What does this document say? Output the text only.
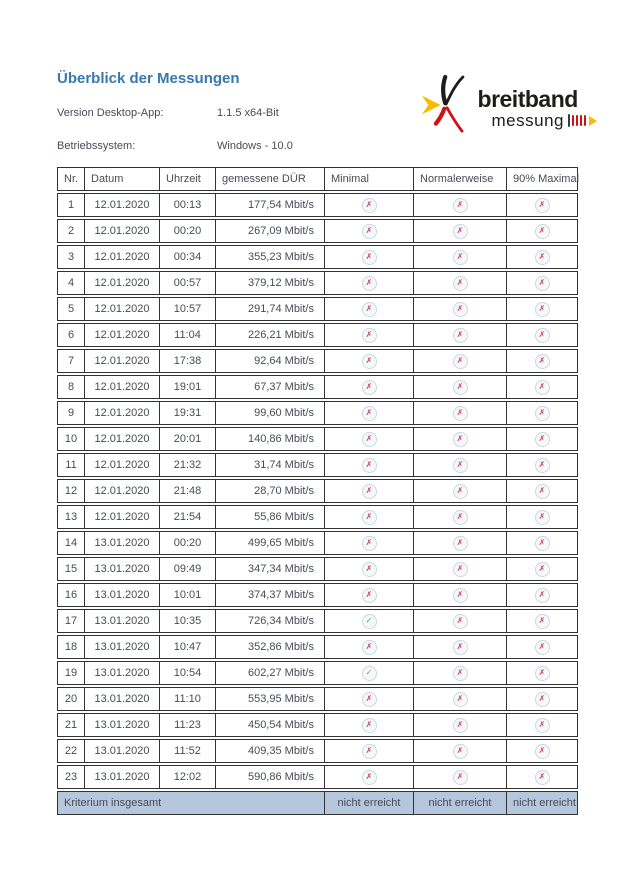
breitband
messung
Überblick der Messungen
Version Desktop-App:	1.1.5 x64-Bit
Betriebssystem:	Windows - 10.0
Nr.	Datum	Uhrzeit	gemessene DÜR	Minimal	Normalerweise	90% Maximal
1	12.01.2020	00:13	177,54 Mbit/s	✗	✗	✗
2	12.01.2020	00:20	267,09 Mbit/s	✗	✗	✗
3	12.01.2020	00:34	355,23 Mbit/s	✗	✗	✗
4	12.01.2020	00:57	379,12 Mbit/s	✗	✗	✗
5	12.01.2020	10:57	291,74 Mbit/s	✗	✗	✗
6	12.01.2020	11:04	226,21 Mbit/s	✗	✗	✗
7	12.01.2020	17:38	92,64 Mbit/s	✗	✗	✗
8	12.01.2020	19:01	67,37 Mbit/s	✗	✗	✗
9	12.01.2020	19:31	99,60 Mbit/s	✗	✗	✗
10	12.01.2020	20:01	140,86 Mbit/s	✗	✗	✗
11	12.01.2020	21:32	31,74 Mbit/s	✗	✗	✗
12	12.01.2020	21:48	28,70 Mbit/s	✗	✗	✗
13	12.01.2020	21:54	55,86 Mbit/s	✗	✗	✗
14	13.01.2020	00:20	499,65 Mbit/s	✗	✗	✗
15	13.01.2020	09:49	347,34 Mbit/s	✗	✗	✗
16	13.01.2020	10:01	374,37 Mbit/s	✗	✗	✗
17	13.01.2020	10:35	726,34 Mbit/s	✓	✗	✗
18	13.01.2020	10:47	352,86 Mbit/s	✗	✗	✗
19	13.01.2020	10:54	602,27 Mbit/s	✓	✗	✗
20	13.01.2020	11:10	553,95 Mbit/s	✗	✗	✗
21	13.01.2020	11:23	450,54 Mbit/s	✗	✗	✗
22	13.01.2020	11:52	409,35 Mbit/s	✗	✗	✗
23	13.01.2020	12:02	590,86 Mbit/s	✗	✗	✗
Kriterium insgesamt				nicht erreicht	nicht erreicht	nicht erreicht
